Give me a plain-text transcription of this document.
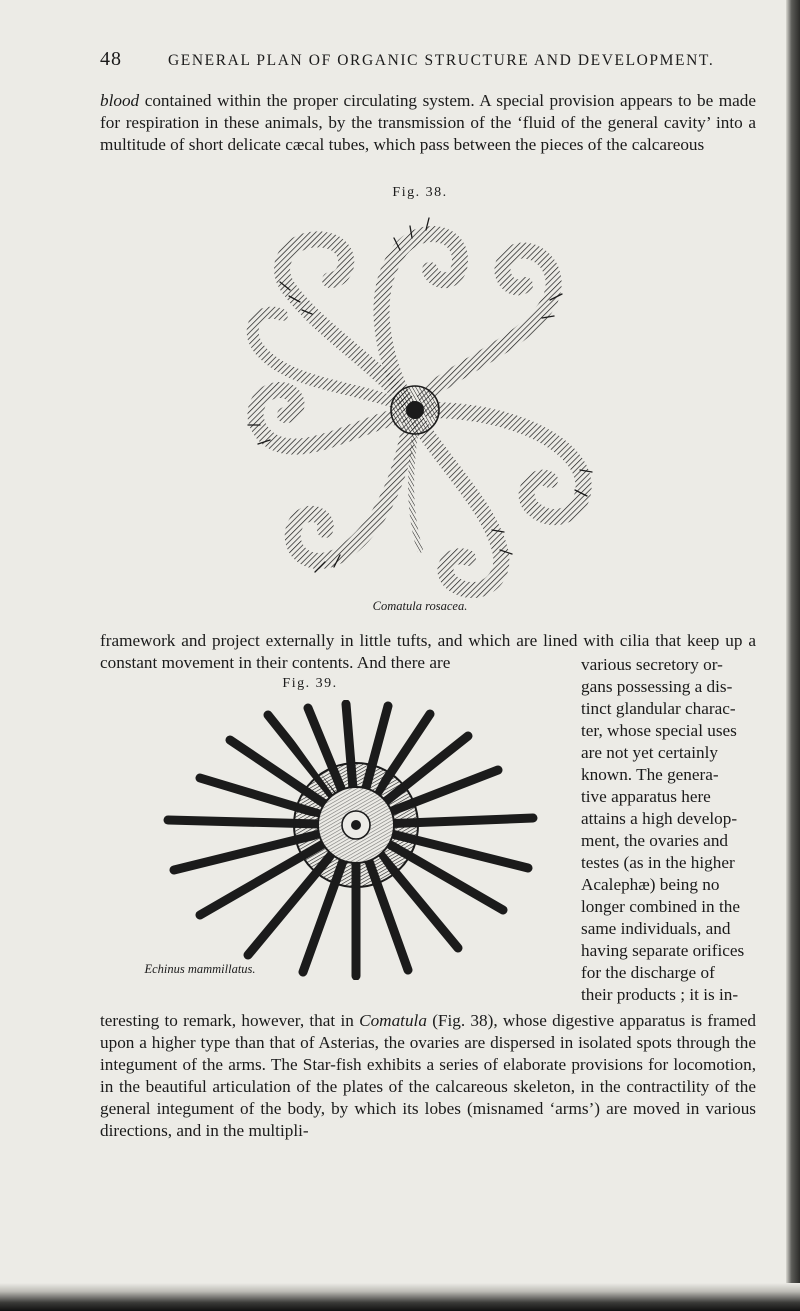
48	GENERAL PLAN OF ORGANIC STRUCTURE AND DEVELOPMENT.

blood contained within the proper circulating system. A special provision appears to be made for respiration in these animals, by the transmission of the ‘fluid of the general cavity’ into a multitude of short delicate cæcal tubes, which pass between the pieces of the calcareous

Fig. 38.
Comatula rosacea.

framework and project externally in little tufts, and which are lined with cilia that keep up a constant movement in their contents. And there are

Fig. 39.
Echinus mammillatus.
various secretory or-
gans possessing a dis-
tinct glandular charac-
ter, whose special uses
are not yet certainly
known. The genera-
tive apparatus here
attains a high develop-
ment, the ovaries and
testes (as in the higher
Acalephæ) being no
longer combined in the
same individuals, and
having separate orifices
for the discharge of
their products ; it is in-

teresting to remark, however, that in Comatula (Fig. 38), whose digestive apparatus is framed upon a higher type than that of Asterias, the ovaries are dispersed in isolated spots through the integument of the arms. The Star-fish exhibits a series of elaborate provisions for locomotion, in the beautiful articulation of the plates of the calcareous skeleton, in the contractility of the general integument of the body, by which its lobes (misnamed ‘arms’) are moved in various directions, and in the multipli-
